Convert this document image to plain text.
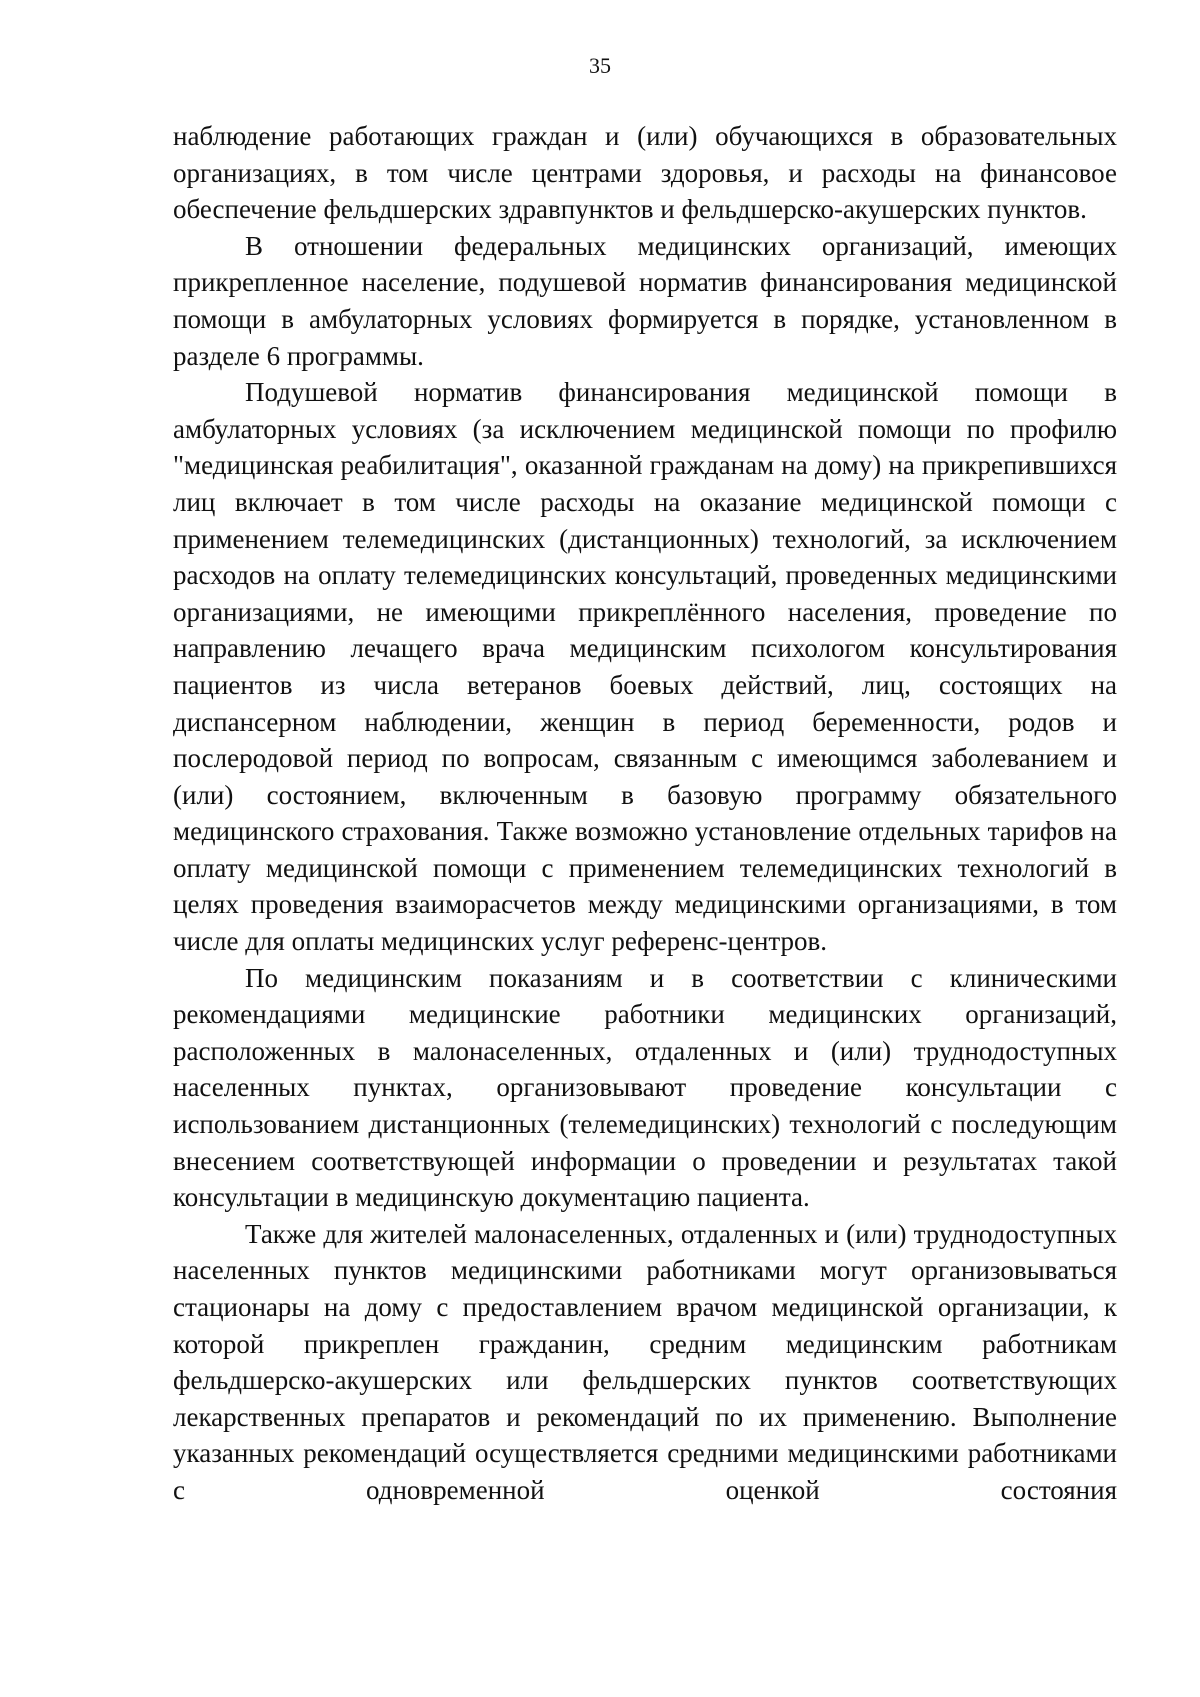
35

наблюдение работающих граждан и (или) обучающихся в образовательных организациях, в том числе центрами здоровья, и расходы на финансовое обеспечение фельдшерских здравпунктов и фельдшерско-акушерских пунктов.

В отношении федеральных медицинских организаций, имеющих прикрепленное население, подушевой норматив финансирования медицинской помощи в амбулаторных условиях формируется в порядке, установленном в разделе 6 программы.

Подушевой норматив финансирования медицинской помощи в амбулаторных условиях (за исключением медицинской помощи по профилю "медицинская реабилитация", оказанной гражданам на дому) на прикрепившихся лиц включает в том числе расходы на оказание медицинской помощи с применением телемедицинских (дистанционных) технологий, за исключением расходов на оплату телемедицинских консультаций, проведенных медицинскими организациями, не имеющими прикреплённого населения, проведение по направлению лечащего врача медицинским психологом консультирования пациентов из числа ветеранов боевых действий, лиц, состоящих на диспансерном наблюдении, женщин в период беременности, родов и послеродовой период по вопросам, связанным с имеющимся заболеванием и (или) состоянием, включенным в базовую программу обязательного медицинского страхования. Также возможно установление отдельных тарифов на оплату медицинской помощи с применением телемедицинских технологий в целях проведения взаиморасчетов между медицинскими организациями, в том числе для оплаты медицинских услуг референс-центров.

По медицинским показаниям и в соответствии с клиническими рекомендациями медицинские работники медицинских организаций, расположенных в малонаселенных, отдаленных и (или) труднодоступных населенных пунктах, организовывают проведение консультации с использованием дистанционных (телемедицинских) технологий с последующим внесением соответствующей информации о проведении и результатах такой консультации в медицинскую документацию пациента.

Также для жителей малонаселенных, отдаленных и (или) труднодоступных населенных пунктов медицинскими работниками могут организовываться стационары на дому с предоставлением врачом медицинской организации, к которой прикреплен гражданин, средним медицинским работникам фельдшерско-акушерских или фельдшерских пунктов соответствующих лекарственных препаратов и рекомендаций по их применению. Выполнение указанных рекомендаций осуществляется средними медицинскими работниками с одновременной оценкой состояния
